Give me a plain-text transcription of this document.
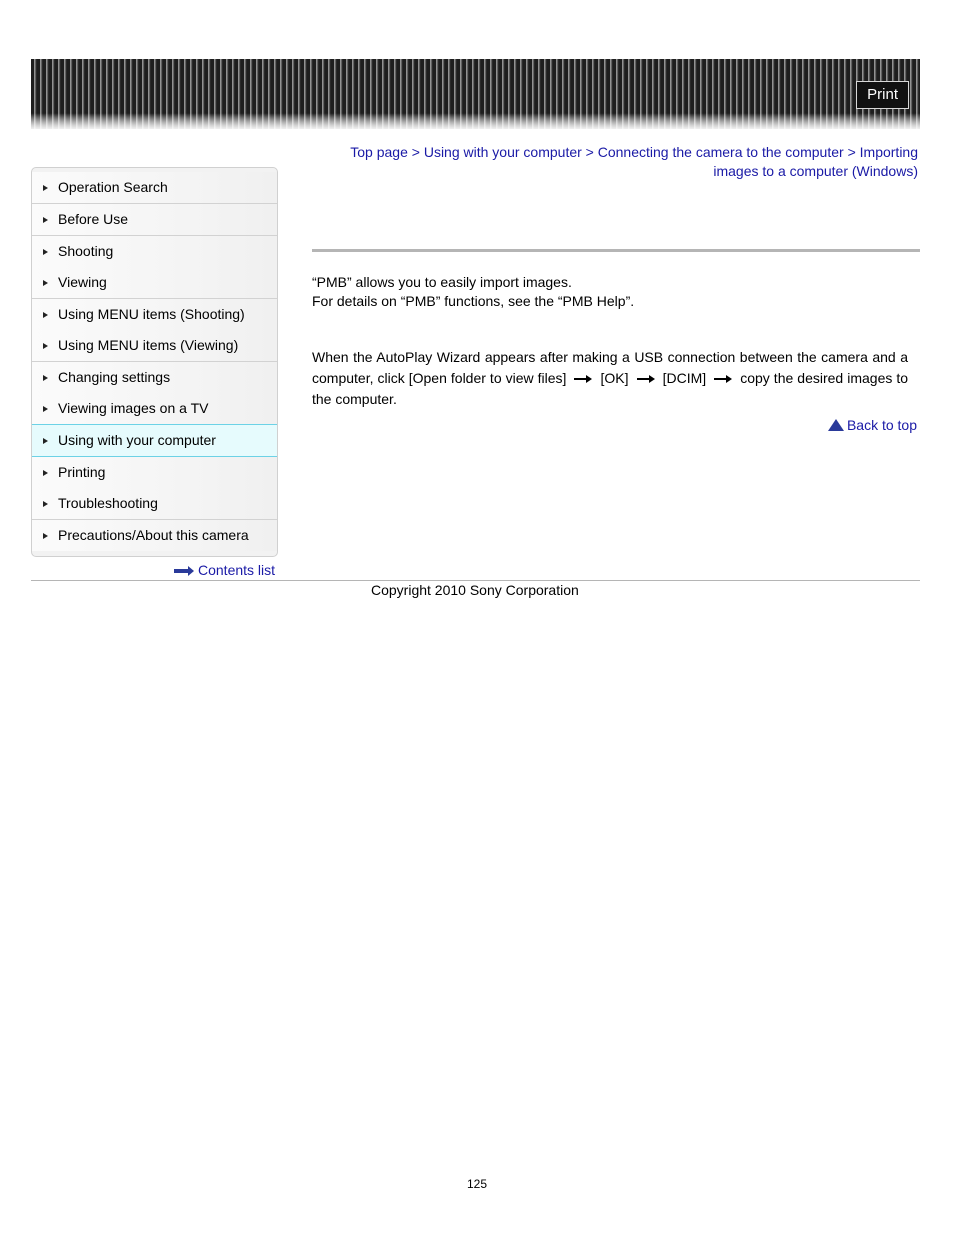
Print
Top page > Using with your computer > Connecting the camera to the computer > Importing images to a computer (Windows)
Operation Search
Before Use
Shooting
Viewing
Using MENU items (Shooting)
Using MENU items (Viewing)
Changing settings
Viewing images on a TV
Using with your computer
Printing
Troubleshooting
Precautions/About this camera
Contents list
“PMB” allows you to easily import images.
For details on “PMB” functions, see the “PMB Help”.
When the AutoPlay Wizard appears after making a USB connection between the camera and a computer, click [Open folder to view files] [OK] [DCIM] copy the desired images to the computer.
Back to top
Copyright 2010 Sony Corporation
125
